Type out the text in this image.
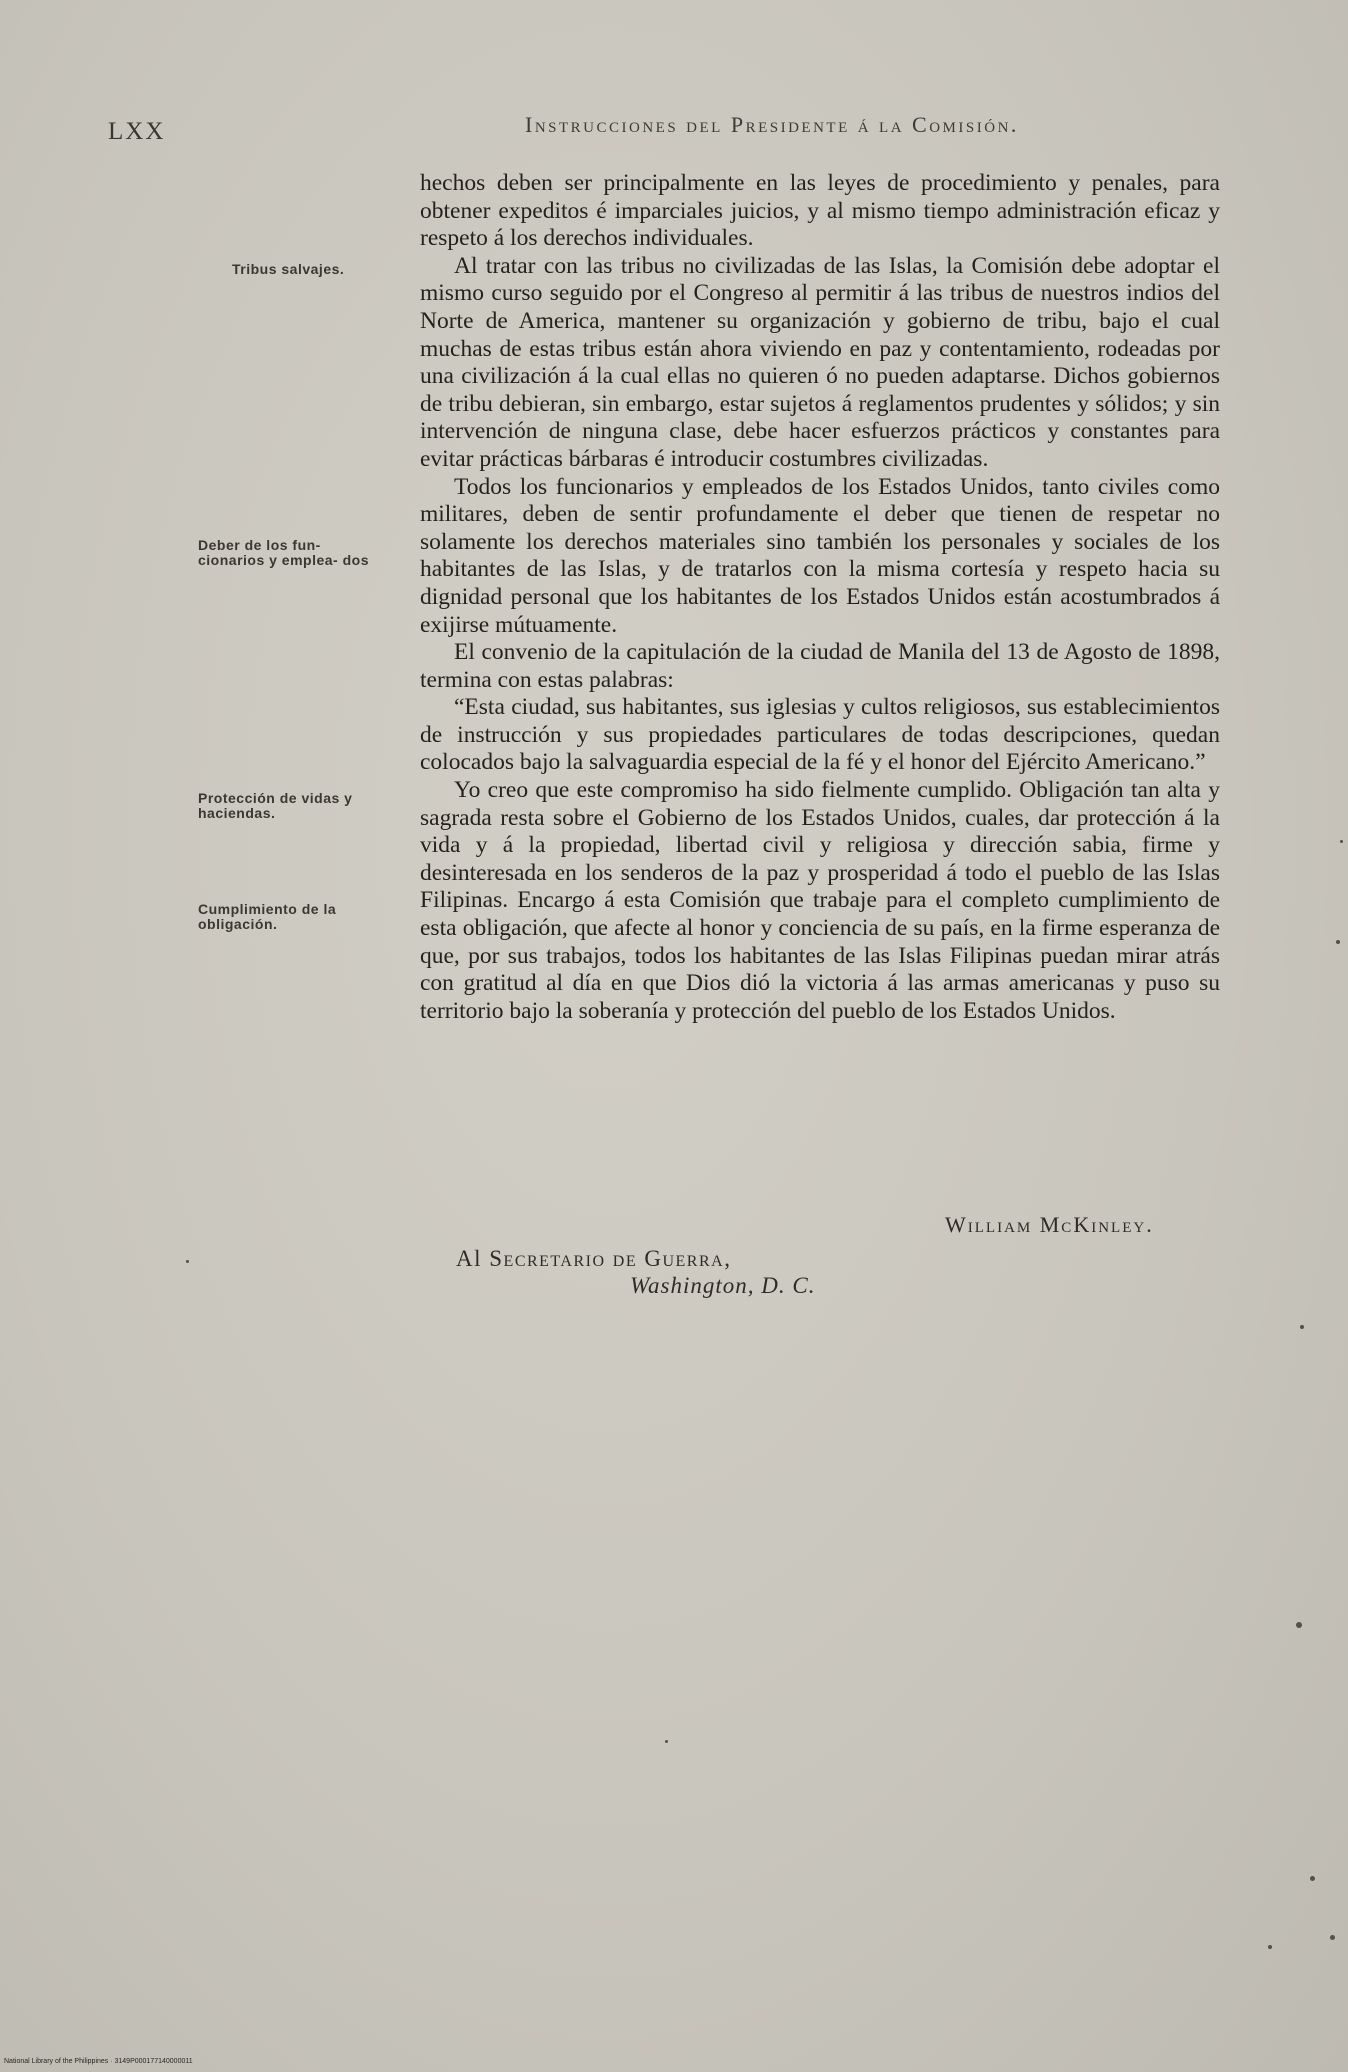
LXX	Instrucciones del Presidente á la Comisión.
Tribus salvajes.
Deber de los fun- cionarios y emplea- dos
Protección de vidas y haciendas.
Cumplimiento de la obligación.

hechos deben ser principalmente en las leyes de procedimiento y penales, para obtener expeditos é imparciales juicios, y al mismo tiempo administración eficaz y respeto á los derechos individuales.

Al tratar con las tribus no civilizadas de las Islas, la Comisión debe adoptar el mismo curso seguido por el Congreso al permitir á las tribus de nuestros indios del Norte de America, mantener su organización y gobierno de tribu, bajo el cual muchas de estas tribus están ahora viviendo en paz y contentamiento, rodeadas por una civilización á la cual ellas no quieren ó no pueden adaptarse. Dichos gobiernos de tribu debieran, sin embargo, estar sujetos á reglamentos prudentes y sólidos; y sin intervención de ninguna clase, debe hacer esfuerzos prácticos y constantes para evitar prácticas bárbaras é introducir costumbres civilizadas.

Todos los funcionarios y empleados de los Estados Unidos, tanto civiles como militares, deben de sentir profundamente el deber que tienen de respetar no solamente los derechos materiales sino también los personales y sociales de los habitantes de las Islas, y de tratarlos con la misma cortesía y respeto hacia su dignidad personal que los habitantes de los Estados Unidos están acostumbrados á exijirse mútuamente.

El convenio de la capitulación de la ciudad de Manila del 13 de Agosto de 1898, termina con estas palabras:

“Esta ciudad, sus habitantes, sus iglesias y cultos religiosos, sus establecimientos de instrucción y sus propiedades particulares de todas descripciones, quedan colocados bajo la salvaguardia especial de la fé y el honor del Ejército Americano.”

Yo creo que este compromiso ha sido fielmente cumplido. Obligación tan alta y sagrada resta sobre el Gobierno de los Estados Unidos, cuales, dar protección á la vida y á la propiedad, libertad civil y religiosa y dirección sabia, firme y desinteresada en los senderos de la paz y prosperidad á todo el pueblo de las Islas Filipinas. Encargo á esta Comisión que trabaje para el completo cumplimiento de esta obligación, que afecte al honor y conciencia de su país, en la firme esperanza de que, por sus trabajos, todos los habitantes de las Islas Filipinas puedan mirar atrás con gratitud al día en que Dios dió la victoria á las armas americanas y puso su territorio bajo la soberanía y protección del pueblo de los Estados Unidos.

William McKinley.
Al Secretario de Guerra,
Washington, D. C.
National Library of the Philippines · 3149P000177140000011
